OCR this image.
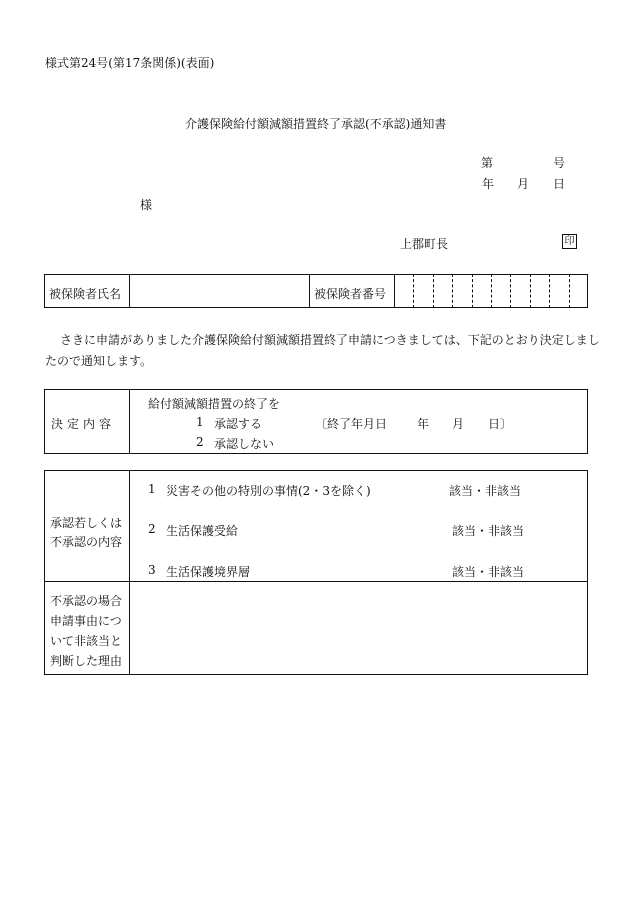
様式第24号(第17条関係)(表面)
介護保険給付額減額措置終了承認(不承認)通知書
第	号
年 月 日
様
上郡町長	印
被保険者氏名	被保険者番号
さきに申請がありました介護保険給付額減額措置終了申請につきましては、下記のとおり決定しまし
たので通知します。
決定内容
給付額減額措置の終了を
1 承認する	〔終了年月日 年 月 日〕
2 承認しない
承認若しくは
不承認の内容
1 災害その他の特別の事情(2・3を除く)	該当・非該当
2 生活保護受給	該当・非該当
3 生活保護境界層	該当・非該当
不承認の場合
申請事由につ
いて非該当と
判断した理由
